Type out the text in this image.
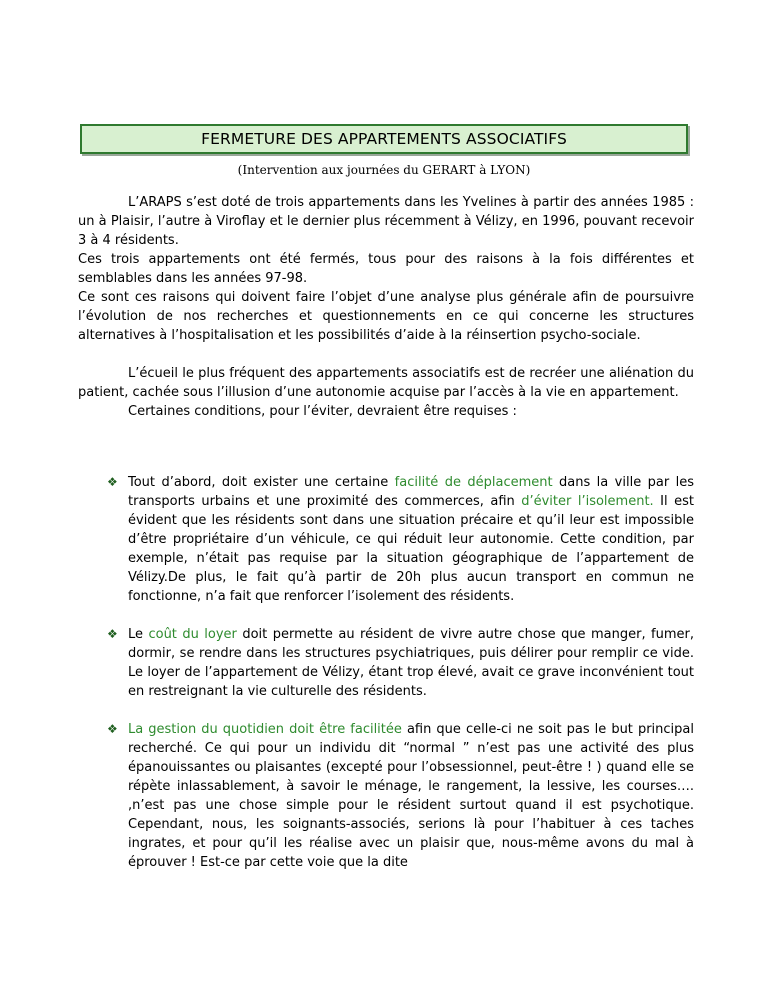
FERMETURE DES APPARTEMENTS ASSOCIATIFS
(Intervention aux journées du GERART à LYON)

L’ARAPS s’est doté de trois appartements dans les Yvelines à partir des années 1985 : un à Plaisir, l’autre à Viroflay et le dernier plus récemment à Vélizy, en 1996, pouvant recevoir 3 à 4 résidents.

Ces trois appartements ont été fermés, tous pour des raisons à la fois différentes et semblables dans les années 97-98.

Ce sont ces raisons qui doivent faire l’objet d’une analyse plus générale afin de poursuivre l’évolution de nos recherches et questionnements en ce qui concerne les structures alternatives à l’hospitalisation et les possibilités d’aide à la réinsertion psycho-sociale.

L’écueil le plus fréquent des appartements associatifs est de recréer une aliénation du patient, cachée sous l’illusion d’une autonomie acquise par l’accès à la vie en appartement.

Certaines conditions, pour l’éviter, devraient être requises :

❖ Tout d’abord, doit exister une certaine facilité de déplacement dans la ville par les transports urbains et une proximité des commerces, afin d’éviter l’isolement. Il est évident que les résidents sont dans une situation précaire et qu’il leur est impossible d’être propriétaire d’un véhicule, ce qui réduit leur autonomie. Cette condition, par exemple, n’était pas requise par la situation géographique de l’appartement de Vélizy.De plus, le fait qu’à partir de 20h plus aucun transport en commun ne fonctionne, n’a fait que renforcer l’isolement des résidents.
❖ Le coût du loyer doit permette au résident de vivre autre chose que manger, fumer, dormir, se rendre dans les structures psychiatriques, puis délirer pour remplir ce vide. Le loyer de l’appartement de Vélizy, étant trop élevé, avait ce grave inconvénient tout en restreignant la vie culturelle des résidents.
❖ La gestion du quotidien doit être facilitée afin que celle-ci ne soit pas le but principal recherché. Ce qui pour un individu dit “normal ” n’est pas une activité des plus épanouissantes ou plaisantes (excepté pour l’obsessionnel, peut-être ! ) quand elle se répète inlassablement, à savoir le ménage, le rangement, la lessive, les courses…. ,n’est pas une chose simple pour le résident surtout quand il est psychotique. Cependant, nous, les soignants-associés, serions là pour l’habituer à ces taches ingrates, et pour qu’il les réalise avec un plaisir que, nous-même avons du mal à éprouver ! Est-ce par cette voie que la dite
